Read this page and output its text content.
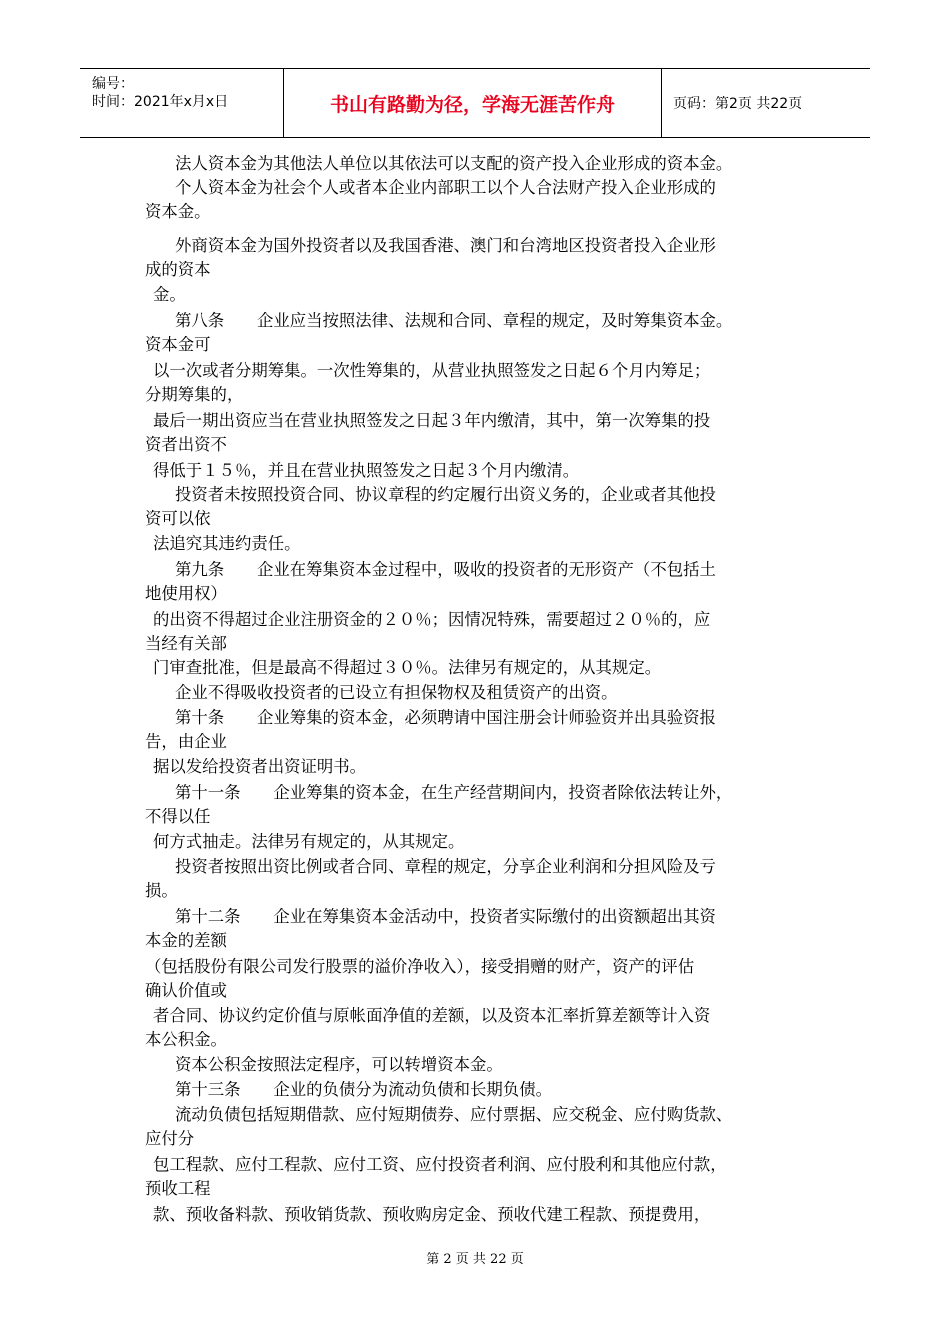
编号：
时间：2021年x月x日	书山有路勤为径，学海无涯苦作舟	页码：第2页 共22页
法人资本金为其他法人单位以其依法可以支配的资产投入企业形成的资本金。
个人资本金为社会个人或者本企业内部职工以个人合法财产投入企业形成的
资本金。
外商资本金为国外投资者以及我国香港、澳门和台湾地区投资者投入企业形
成的资本
金。
第八条　　企业应当按照法律、法规和合同、章程的规定，及时筹集资本金。
资本金可
以一次或者分期筹集。一次性筹集的，从营业执照签发之日起６个月内筹足；
分期筹集的，
最后一期出资应当在营业执照签发之日起３年内缴清，其中，第一次筹集的投
资者出资不
得低于１５％，并且在营业执照签发之日起３个月内缴清。
投资者未按照投资合同、协议章程的约定履行出资义务的，企业或者其他投
资可以依
法追究其违约责任。
第九条　　企业在筹集资本金过程中，吸收的投资者的无形资产（不包括土
地使用权）
的出资不得超过企业注册资金的２０％；因情况特殊，需要超过２０％的，应
当经有关部
门审查批准，但是最高不得超过３０％。法律另有规定的，从其规定。
企业不得吸收投资者的已设立有担保物权及租赁资产的出资。
第十条　　企业筹集的资本金，必须聘请中国注册会计师验资并出具验资报
告，由企业
据以发给投资者出资证明书。
第十一条　　企业筹集的资本金，在生产经营期间内，投资者除依法转让外，
不得以任
何方式抽走。法律另有规定的，从其规定。
投资者按照出资比例或者合同、章程的规定，分享企业利润和分担风险及亏
损。
第十二条　　企业在筹集资本金活动中，投资者实际缴付的出资额超出其资
本金的差额
（包括股份有限公司发行股票的溢价净收入），接受捐赠的财产，资产的评估
确认价值或
者合同、协议约定价值与原帐面净值的差额，以及资本汇率折算差额等计入资
本公积金。
资本公积金按照法定程序，可以转增资本金。
第十三条　　企业的负债分为流动负债和长期负债。
流动负债包括短期借款、应付短期债券、应付票据、应交税金、应付购货款、
应付分
包工程款、应付工程款、应付工资、应付投资者利润、应付股利和其他应付款，
预收工程
款、预收备料款、预收销货款、预收购房定金、预收代建工程款、预提费用，
第 2 页 共 22 页
